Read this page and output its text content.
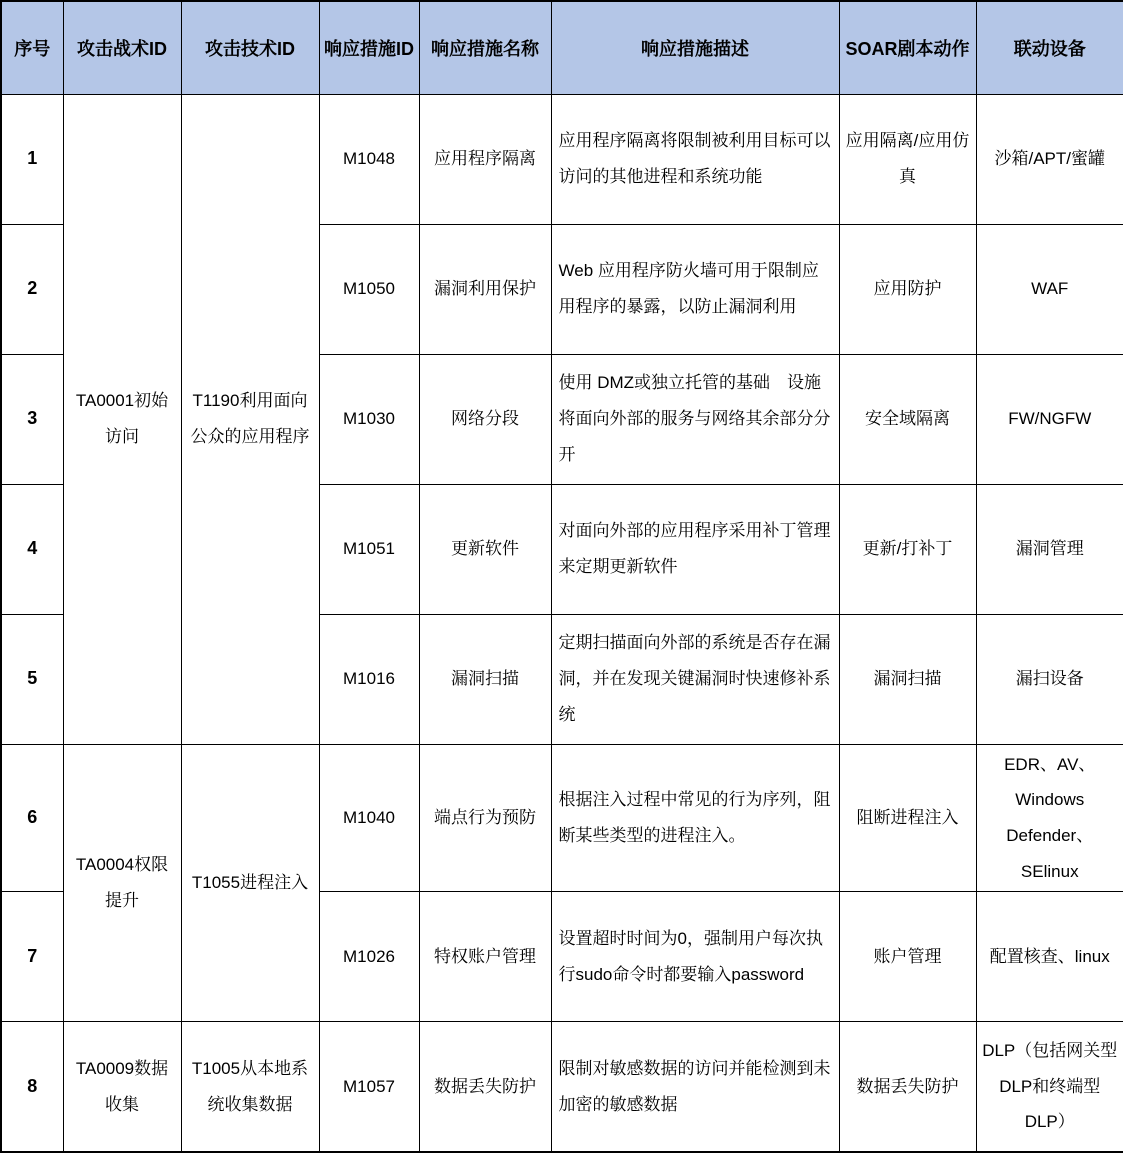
序号	攻击战术ID	攻击技术ID	响应措施ID	响应措施名称	响应措施描述	SOAR剧本动作	联动设备
1	TA0001初始访问	T1190利用面向公众的应用程序	M1048	应用程序隔离	应用程序隔离将限制被利用目标可以访问的其他进程和系统功能	应用隔离/应用仿真	沙箱/APT/蜜罐
2			M1050	漏洞利用保护	Web 应用程序防火墙可用于限制应用程序的暴露，以防止漏洞利用	应用防护	WAF
3			M1030	网络分段	使用 DMZ或独立托管的基础　设施将面向外部的服务与网络其余部分分开	安全域隔离	FW/NGFW
4			M1051	更新软件	对面向外部的应用程序采用补丁管理来定期更新软件	更新/打补丁	漏洞管理
5			M1016	漏洞扫描	定期扫描面向外部的系统是否存在漏洞，并在发现关键漏洞时快速修补系统	漏洞扫描	漏扫设备
6	TA0004权限提升	T1055进程注入	M1040	端点行为预防	根据注入过程中常见的行为序列，阻断某些类型的进程注入。	阻断进程注入	EDR、AV、Windows Defender、SElinux
7			M1026	特权账户管理	设置超时时间为0，强制用户每次执行sudo命令时都要输入password	账户管理	配置核查、linux
8	TA0009数据收集	T1005从本地系统收集数据	M1057	数据丢失防护	限制对敏感数据的访问并能检测到未加密的敏感数据	数据丢失防护	DLP（包括网关型DLP和终端型DLP）
